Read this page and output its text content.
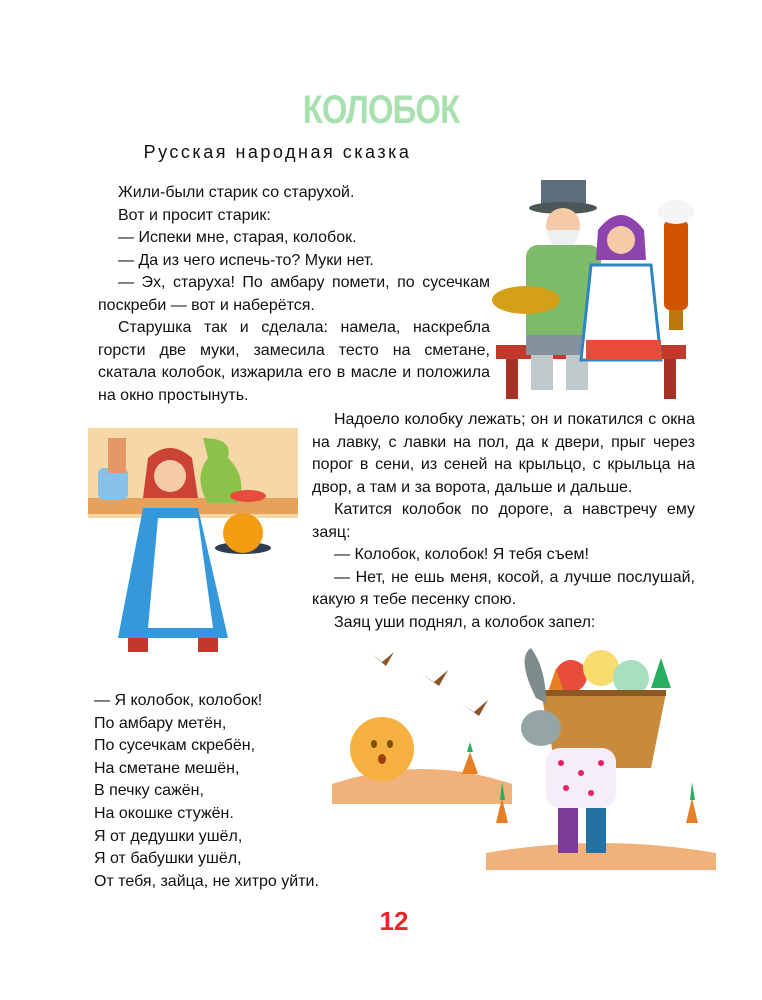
КОЛОБОК
Русская народная сказка

Жили-были старик со старухой.

Вот и просит старик:

— Испеки мне, старая, колобок.

— Да из чего испечь-то? Муки нет.

— Эх, старуха! По амбару помети, по сусечкам поскреби — вот и наберётся.

Старушка так и сделала: намела, наскребла горсти две муки, замесила тесто на сметане, скатала колобок, изжарила его в масле и положила на окно простынуть.

Надоело колобку лежать; он и покатился с окна на лавку, с лавки на пол, да к двери, прыг через порог в сени, из сеней на крыльцо, с крыльца на двор, а там и за ворота, дальше и дальше.

Катится колобок по дороге, а навстречу ему заяц:

— Колобок, колобок! Я тебя съем!

— Нет, не ешь меня, косой, а лучше послушай, какую я тебе песенку спою.

Заяц уши поднял, а колобок запел:

— Я колобок, колобок!

По амбару метён,

По сусечкам скребён,

На сметане мешён,

В печку сажён,

На окошке стужён.

Я от дедушки ушёл,

Я от бабушки ушёл,

От тебя, зайца, не хитро уйти.

12
